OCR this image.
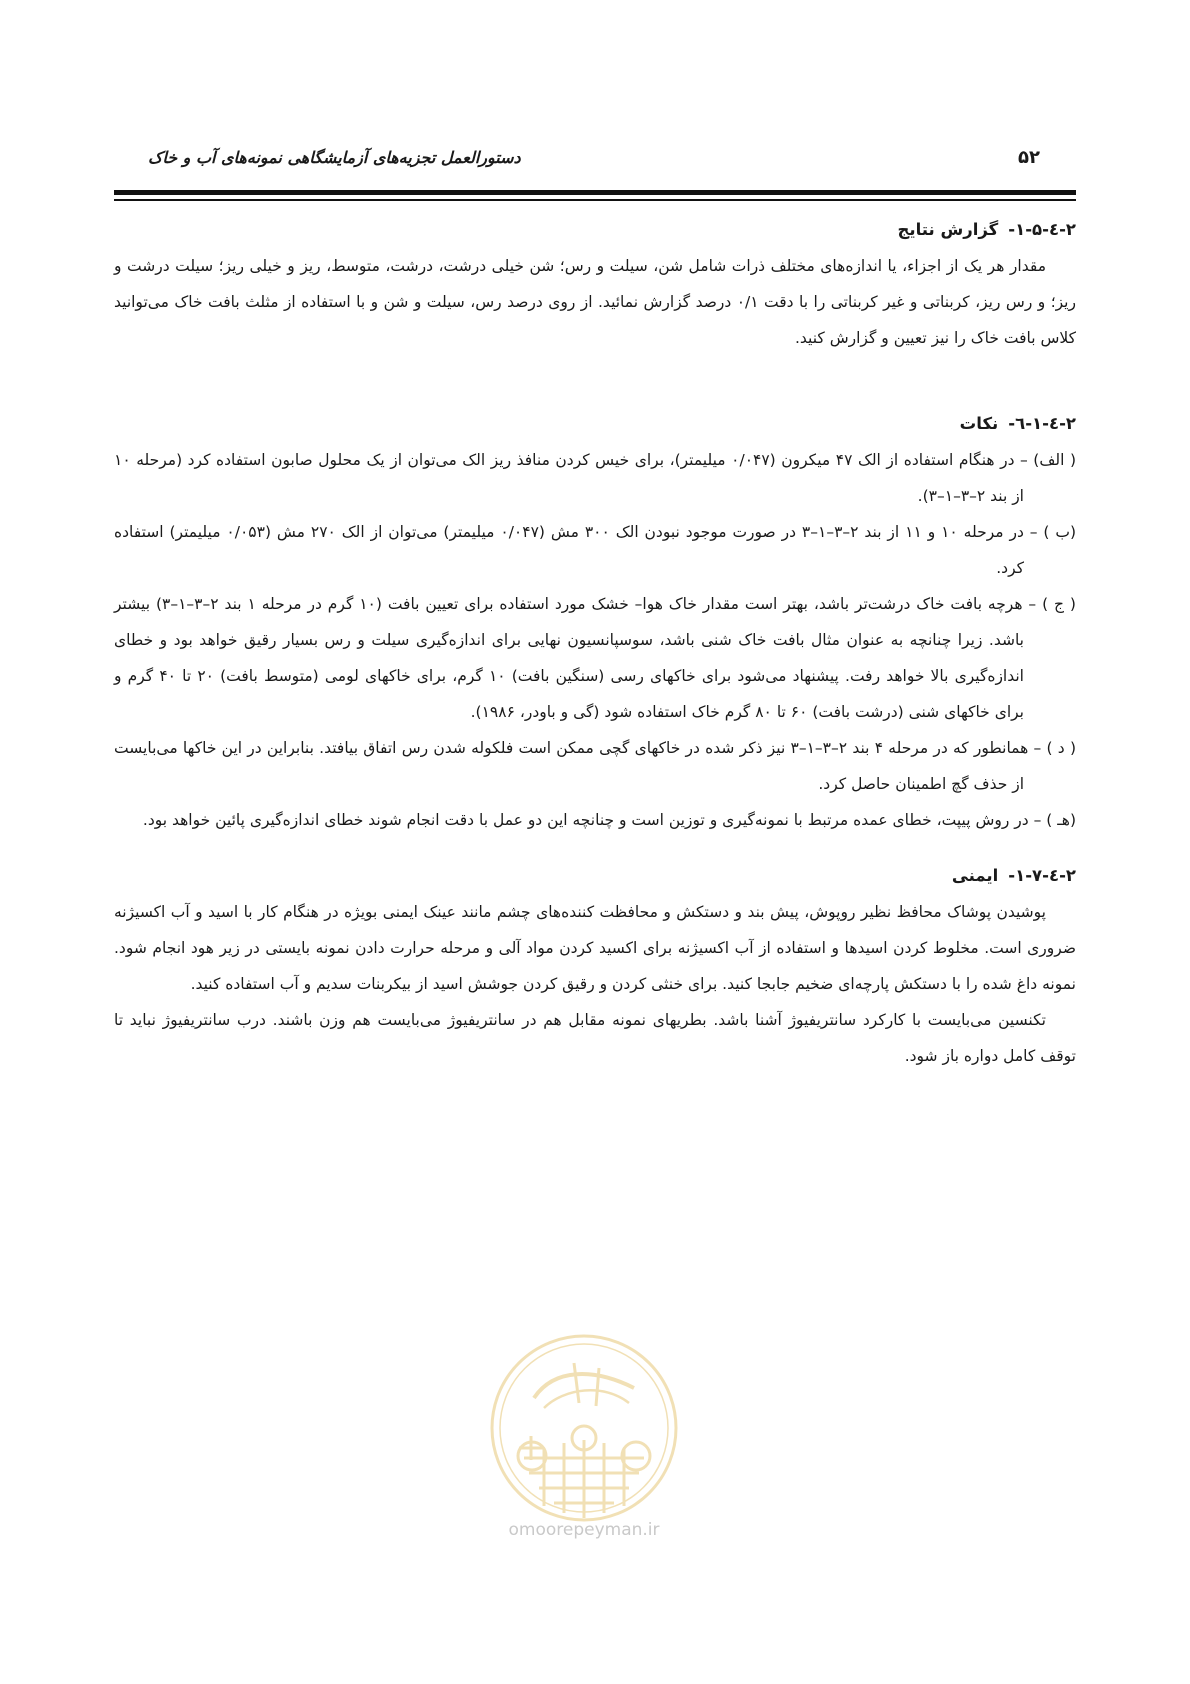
۵۲
دستورالعمل تجزیه‌های آزمایشگاهی نمونه‌های آب و خاک
۲-٤-۱-۵-گزارش نتایج

مقدار هر یک از اجزاء، یا اندازه‌های مختلف ذرات شامل شن، سیلت و رس؛ شن خیلی درشت، درشت، متوسط، ریز و خیلی ریز؛ سیلت درشت و ریز؛ و رس ریز، کربناتی و غیر کربناتی را با دقت ۰/۱ درصد گزارش نمائید. از روی درصد رس، سیلت و شن و با استفاده از مثلث بافت خاک می‌توانید کلاس بافت خاک را نیز تعیین و گزارش کنید.

۲-٤-۱-٦-نکات
( الف) – در هنگام استفاده از الک ۴۷ میکرون (۰/۰۴۷ میلیمتر)، برای خیس کردن منافذ ریز الک می‌توان از یک محلول صابون استفاده کرد (مرحله ۱۰ از بند ۲–۳–۱–۳).
(ب ) – در مرحله ۱۰ و ۱۱ از بند ۲–۳–۱–۳ در صورت موجود نبودن الک ۳۰۰ مش (۰/۰۴۷ میلیمتر) می‌توان از الک ۲۷۰ مش (۰/۰۵۳ میلیمتر) استفاده کرد.
( ج ) – هرچه بافت خاک درشت‌تر باشد، بهتر است مقدار خاک هوا– خشک مورد استفاده برای تعیین بافت (۱۰ گرم در مرحله ۱ بند ۲–۳–۱–۳) بیشتر باشد. زیرا چنانچه به عنوان مثال بافت خاک شنی باشد، سوسپانسیون نهایی برای اندازه‌گیری سیلت و رس بسیار رقیق خواهد بود و خطای اندازه‌گیری بالا خواهد رفت. پیشنهاد می‌شود برای خاکهای رسی (سنگین بافت) ۱۰ گرم، برای خاکهای لومی (متوسط بافت) ۲۰ تا ۴۰ گرم و برای خاکهای شنی (درشت بافت) ۶۰ تا ۸۰ گرم خاک استفاده شود (گی و باودر، ۱۹۸۶).
( د ) – همانطور که در مرحله ۴ بند ۲–۳–۱–۳ نیز ذکر شده در خاکهای گچی ممکن است فلکوله شدن رس اتفاق بیافتد. بنابراین در این خاکها می‌بایست از حذف گچ اطمینان حاصل کرد.
(هـ ) – در روش پیپت، خطای عمده مرتبط با نمونه‌گیری و توزین است و چنانچه این دو عمل با دقت انجام شوند خطای اندازه‌گیری پائین خواهد بود.
۲-٤-۱-۷-ایمنی

پوشیدن پوشاک محافظ نظیر روپوش، پیش بند و دستکش و محافظت کننده‌های چشم مانند عینک ایمنی بویژه در هنگام کار با اسید و آب اکسیژنه ضروری است. مخلوط کردن اسیدها و استفاده از آب اکسیژنه برای اکسید کردن مواد آلی و مرحله حرارت دادن نمونه بایستی در زیر هود انجام شود. نمونه داغ شده را با دستکش پارچه‌ای ضخیم جابجا کنید. برای خنثی کردن و رقیق کردن جوشش اسید از بیکربنات سدیم و آب استفاده کنید.

تکنسین می‌بایست با کارکرد سانتریفیوژ آشنا باشد. بطریهای نمونه مقابل هم در سانتریفیوژ می‌بایست هم وزن باشند. درب سانتریفیوژ نباید تا توقف کامل دواره باز شود.

omoorepeyman.ir
